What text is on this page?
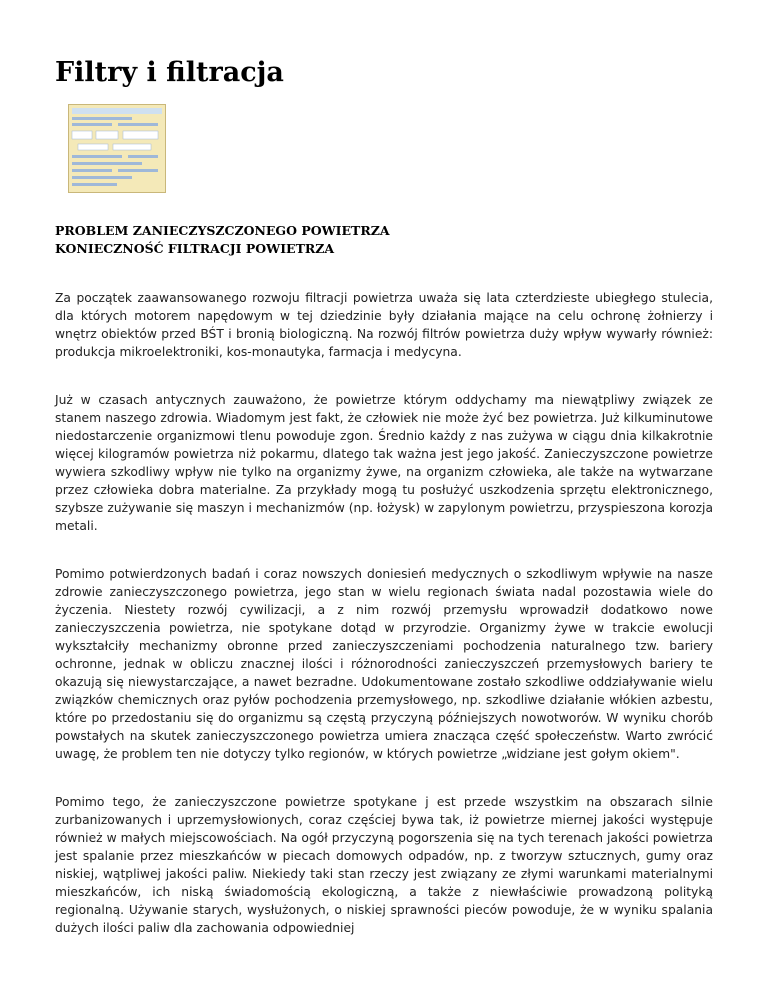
Filtry i filtracja
PROBLEM ZANIECZYSZCZONEGO POWIETRZA
KONIECZNOŚĆ FILTRACJI POWIETRZA

Za początek zaawansowanego rozwoju filtracji powietrza uważa się lata czterdzieste ubiegłego stulecia, dla których motorem napędowym w tej dziedzinie były działania mające na celu ochronę żołnierzy i wnętrz obiektów przed BŚT i bronią biologiczną. Na rozwój filtrów powietrza duży wpływ wywarły również: produkcja mikroelektroniki, kos-monautyka, farmacja i medycyna.

Już w czasach antycznych zauważono, że powietrze którym oddychamy ma niewątpliwy związek ze stanem naszego zdrowia. Wiadomym jest fakt, że człowiek nie może żyć bez powietrza. Już kilkuminutowe niedostarczenie organizmowi tlenu powoduje zgon. Średnio każdy z nas zużywa w ciągu dnia kilkakrotnie więcej kilogramów powietrza niż pokarmu, dlatego tak ważna jest jego jakość. Zanieczyszczone powietrze wywiera szkodliwy wpływ nie tylko na organizmy żywe, na organizm człowieka, ale także na wytwarzane przez człowieka dobra materialne. Za przykłady mogą tu posłużyć uszkodzenia sprzętu elektronicznego, szybsze zużywanie się maszyn i mechanizmów (np. łożysk) w zapylonym powietrzu, przyspieszona korozja metali.

Pomimo potwierdzonych badań i coraz nowszych doniesień medycznych o szkodliwym wpływie na nasze zdrowie zanieczyszczonego powietrza, jego stan w wielu regionach świata nadal pozostawia wiele do życzenia. Niestety rozwój cywilizacji, a z nim rozwój przemysłu wprowadził dodatkowo nowe zanieczyszczenia powietrza, nie spotykane dotąd w przyrodzie. Organizmy żywe w trakcie ewolucji wykształciły mechanizmy obronne przed zanieczyszczeniami pochodzenia naturalnego tzw. bariery ochronne, jednak w obliczu znacznej ilości i różnorodności zanieczyszczeń przemysłowych bariery te okazują się niewystarczające, a nawet bezradne. Udokumentowane zostało szkodliwe oddziaływanie wielu związków chemicznych oraz pyłów pochodzenia przemysłowego, np. szkodliwe działanie włókien azbestu, które po przedostaniu się do organizmu są częstą przyczyną późniejszych nowotworów. W wyniku chorób powstałych na skutek zanieczyszczonego powietrza umiera znacząca część społeczeństw. Warto zwrócić uwagę, że problem ten nie dotyczy tylko regionów, w których powietrze „widziane jest gołym okiem".

Pomimo tego, że zanieczyszczone powietrze spotykane j est przede wszystkim na obszarach silnie zurbanizowanych i uprzemysłowionych, coraz częściej bywa tak, iż powietrze miernej jakości występuje również w małych miejscowościach. Na ogół przyczyną pogorszenia się na tych terenach jakości powietrza jest spalanie przez mieszkańców w piecach domowych odpadów, np. z tworzyw sztucznych, gumy oraz niskiej, wątpliwej jakości paliw. Niekiedy taki stan rzeczy jest związany ze złymi warunkami materialnymi mieszkańców, ich niską świadomością ekologiczną, a także z niewłaściwie prowadzoną polityką regionalną. Używanie starych, wysłużonych, o niskiej sprawności pieców powoduje, że w wyniku spalania dużych ilości paliw dla zachowania odpowiedniej
